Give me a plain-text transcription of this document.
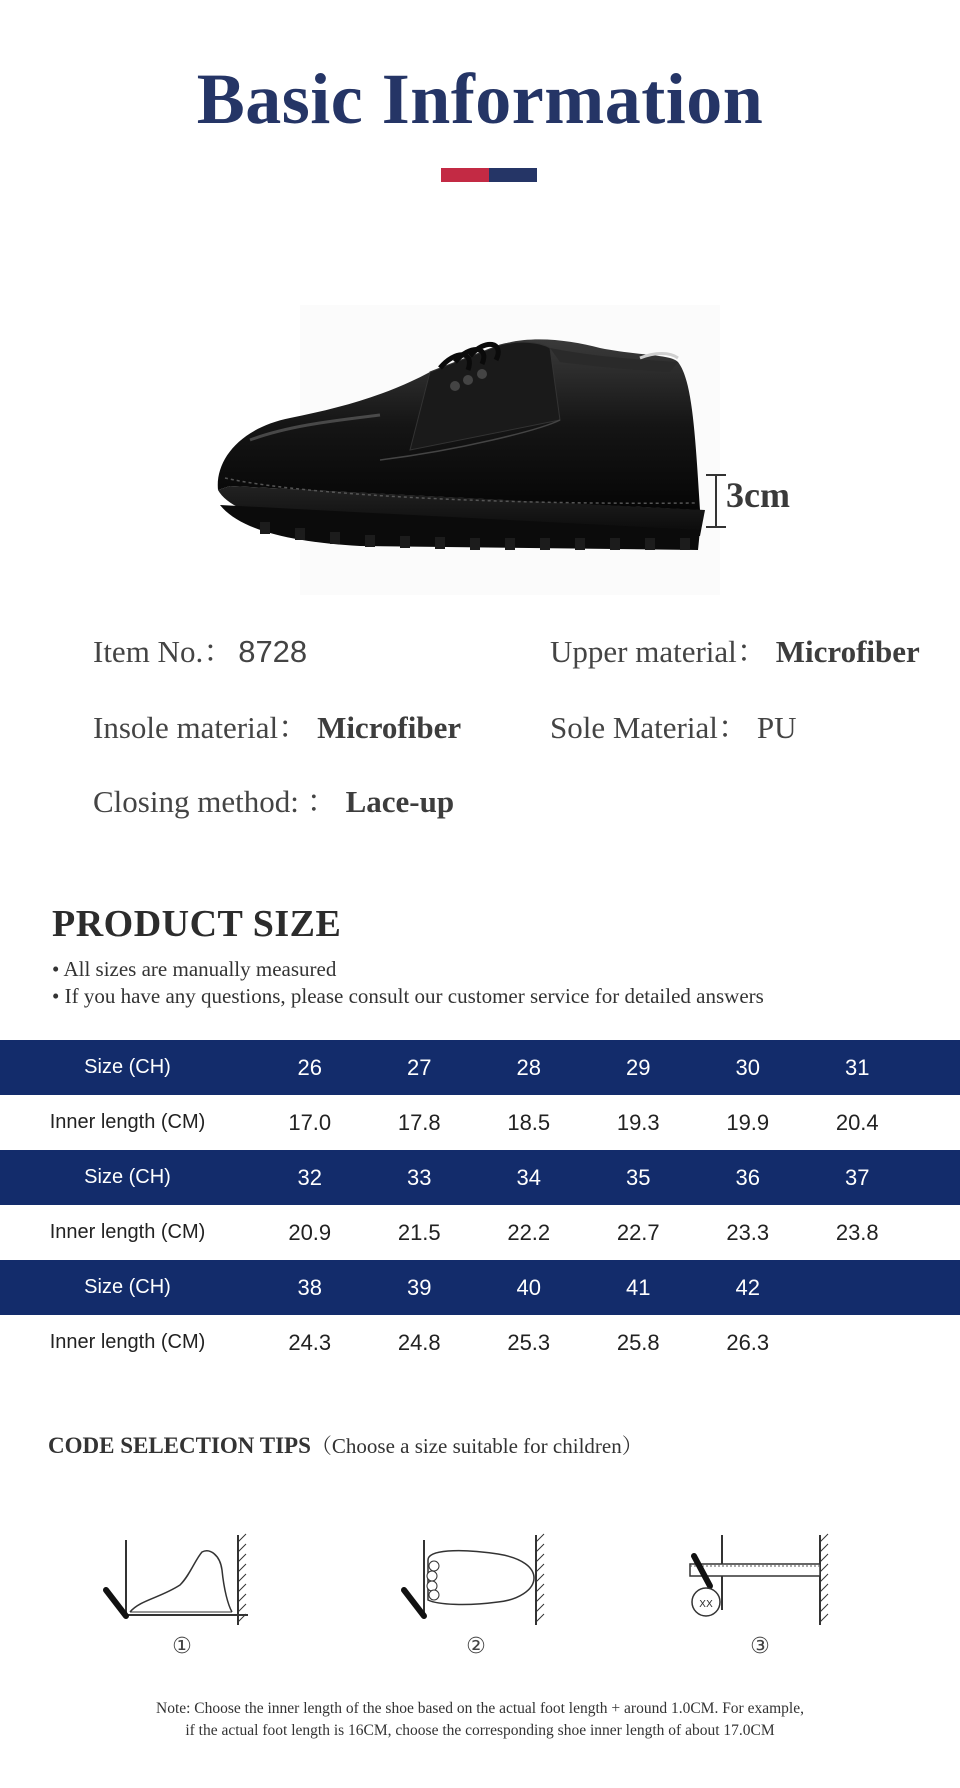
Basic Information
3cm
Item No.： 8728	Upper material： Microfiber
Insole material： Microfiber	Sole Material： PU
Closing method: ： Lace-up
PRODUCT SIZE
• All sizes are manually measured
• If you have any questions, please consult our customer service for detailed answers
Size (CH)	26	27	28	29	30	31
Inner length (CM)	17.0	17.8	18.5	19.3	19.9	20.4
Size (CH)	32	33	34	35	36	37
Inner length (CM)	20.9	21.5	22.2	22.7	23.3	23.8
Size (CH)	38	39	40	41	42
Inner length (CM)	24.3	24.8	25.3	25.8	26.3
CODE SELECTION TIPS（Choose a size suitable for children）
①	②
XX
③
Note: Choose the inner length of the shoe based on the actual foot length + around 1.0CM. For example,
if the actual foot length is 16CM, choose the corresponding shoe inner length of about 17.0CM
